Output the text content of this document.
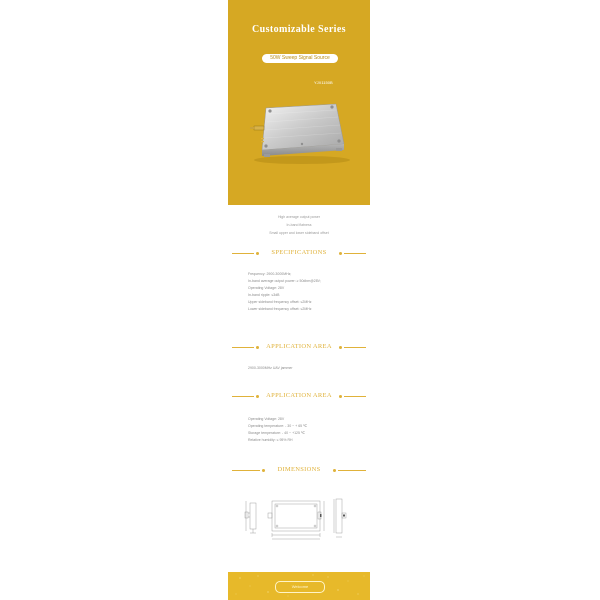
Customizable Series
50W Sweep Signal Source
YJX1150B
High average output power
In-band flatness
Small upper and lower sideband offset
SPECIFICATIONS
Frequency: 2900-3000MHz;
In-band average output power: ≥ 50dbm@28V;
Operating Voltage: 28V
In-band ripple: ≤3dB
Upper sideband frequency offset: ≤2MHz
Lower sideband frequency offset: ≤2MHz
APPLICATION AREA
2900-3000MHz UAV jammer
APPLICATION AREA
Operating Voltage: 28V
Operating temperature: - 30 ~ + 65 ℃
Storage temperature: - 40 ~ +125 ℃
Relative humidity: ≤ 95% RH
DIMENSIONS
Welcome
